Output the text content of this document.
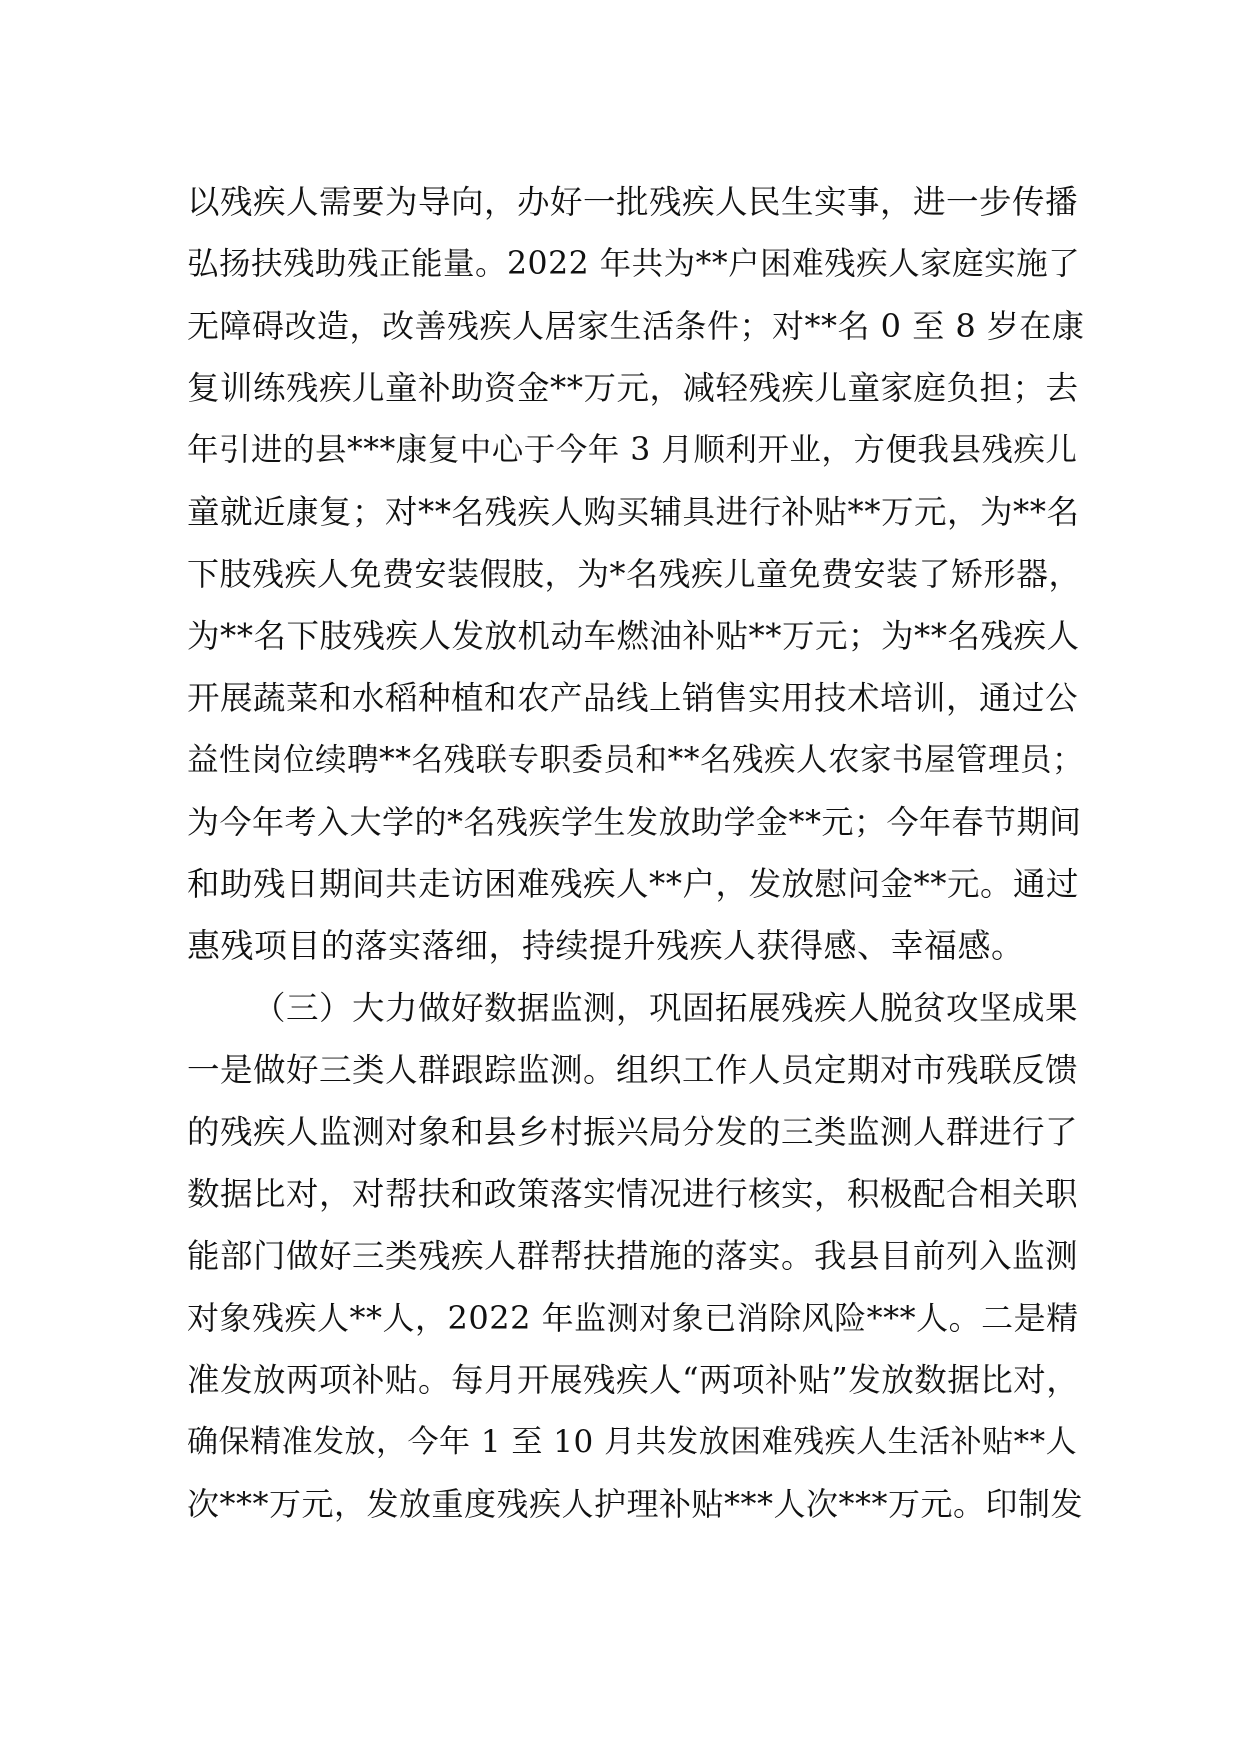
以残疾人需要为导向，办好一批残疾人民生实事，进一步传播
弘扬扶残助残正能量。2022 年共为**户困难残疾人家庭实施了
无障碍改造，改善残疾人居家生活条件；对**名 0 至 8 岁在康
复训练残疾儿童补助资金**万元，减轻残疾儿童家庭负担；去
年引进的县***康复中心于今年 3 月顺利开业，方便我县残疾儿
童就近康复；对**名残疾人购买辅具进行补贴**万元，为**名
下肢残疾人免费安装假肢，为*名残疾儿童免费安装了矫形器，
为**名下肢残疾人发放机动车燃油补贴**万元；为**名残疾人
开展蔬菜和水稻种植和农产品线上销售实用技术培训，通过公
益性岗位续聘**名残联专职委员和**名残疾人农家书屋管理员；
为今年考入大学的*名残疾学生发放助学金**元；今年春节期间
和助残日期间共走访困难残疾人**户，发放慰问金**元。通过
惠残项目的落实落细，持续提升残疾人获得感、幸福感。
（三）大力做好数据监测，巩固拓展残疾人脱贫攻坚成果
一是做好三类人群跟踪监测。组织工作人员定期对市残联反馈
的残疾人监测对象和县乡村振兴局分发的三类监测人群进行了
数据比对，对帮扶和政策落实情况进行核实，积极配合相关职
能部门做好三类残疾人群帮扶措施的落实。我县目前列入监测
对象残疾人**人，2022 年监测对象已消除风险***人。二是精
准发放两项补贴。每月开展残疾人“两项补贴”发放数据比对，
确保精准发放，今年 1 至 10 月共发放困难残疾人生活补贴**人
次***万元，发放重度残疾人护理补贴***人次***万元。印制发
